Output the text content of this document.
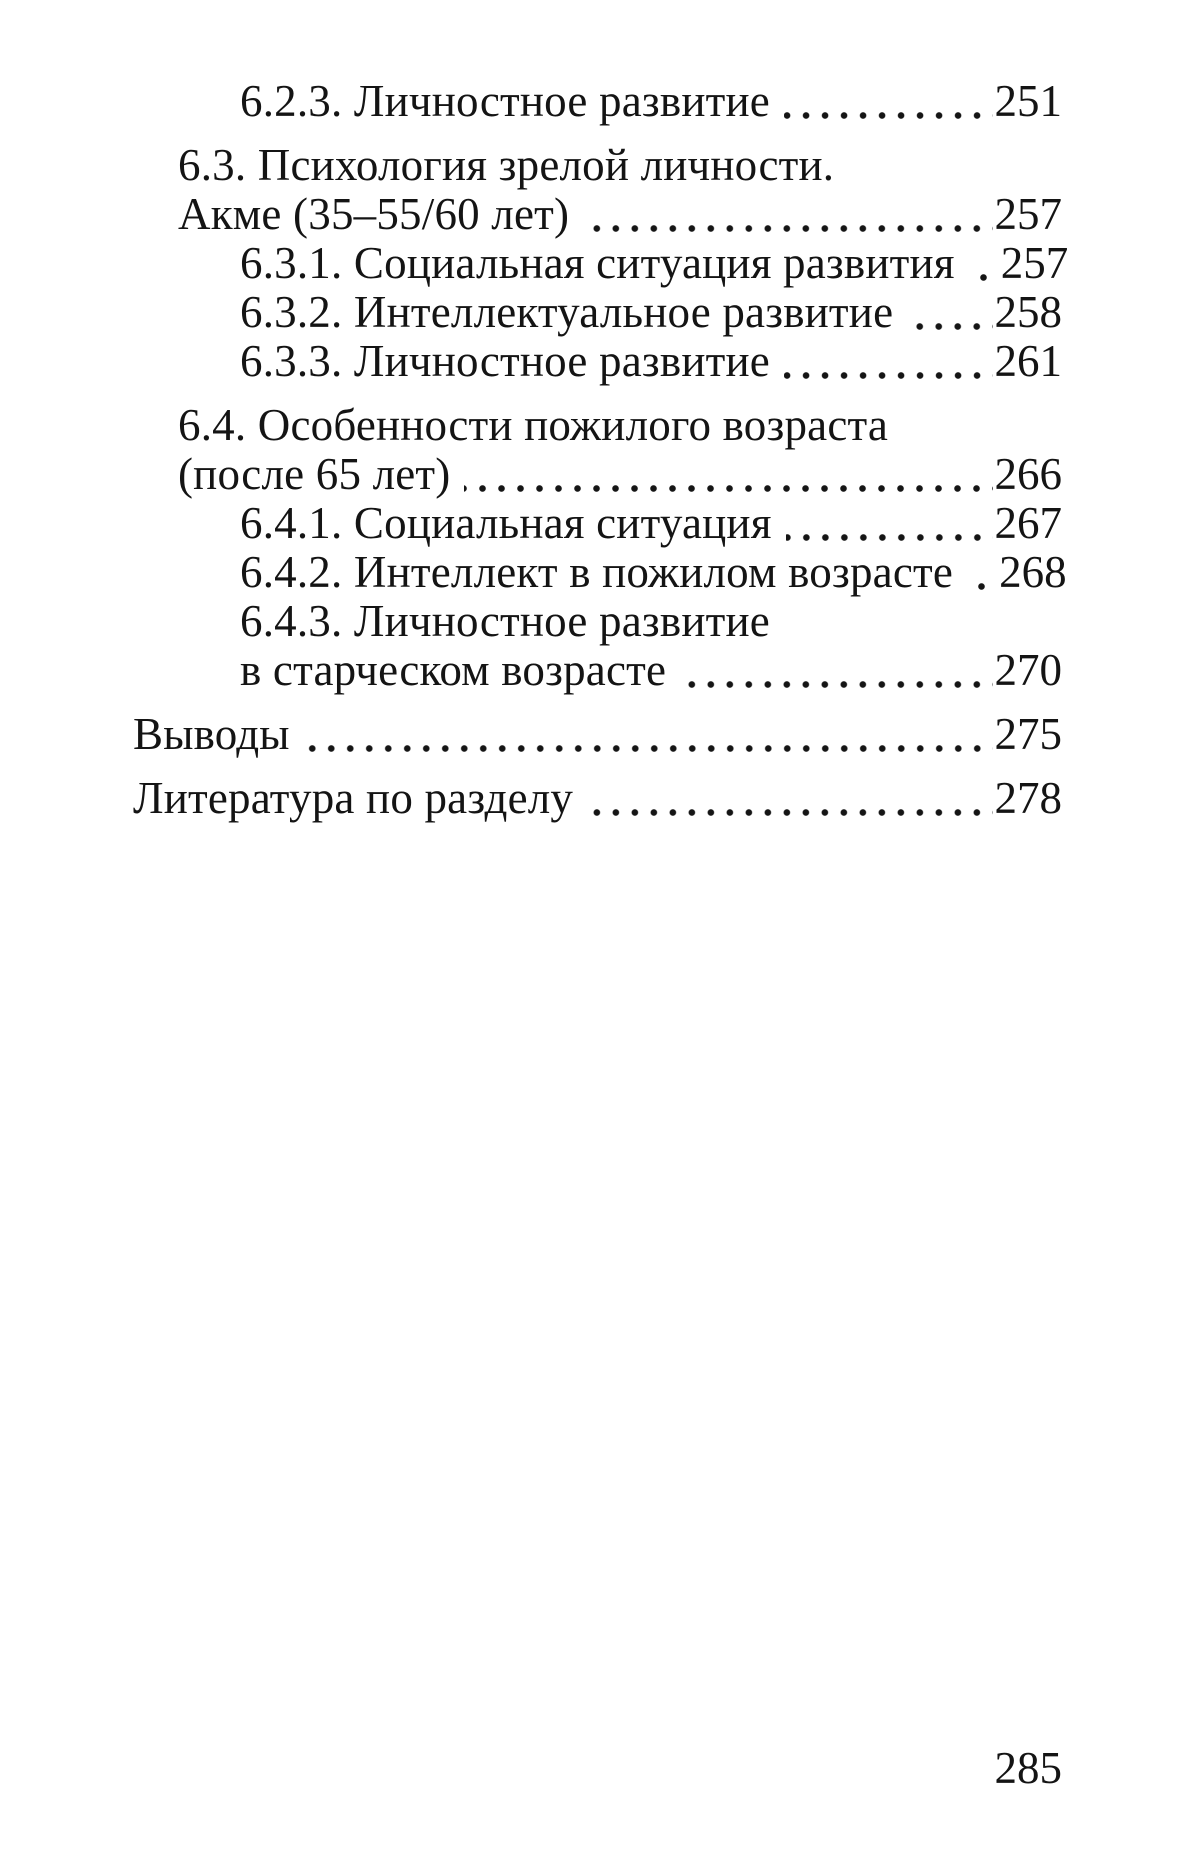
6.2.3. Личностное развитие	251
6.3. Психология зрелой личности.
Акме (35–55/60 лет)	257
6.3.1. Социальная ситуация развития 257
6.3.2. Интеллектуальное развитие 258
6.3.3. Личностное развитие	261
6.4. Особенности пожилого возраста
(после 65 лет)	266
6.4.1. Социальная ситуация	267
6.4.2. Интеллект в пожилом возрасте 268
6.4.3. Личностное развитие
в старческом возрасте	270
Выводы	275
Литература по разделу	278
285
